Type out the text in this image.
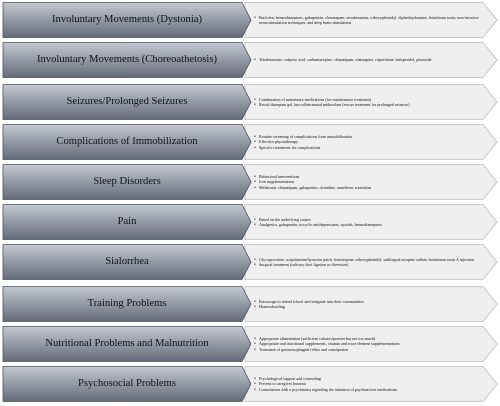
Involuntary Movements (Dystonia)	• Baclofen, benzodiazepines, gabapentin, clonazepam, tetrabenazine, trihexyphenidyl, diphenhydramine, botulinum toxin, non-invasive neurostimulation techniques, and deep brain stimulation
Involuntary Movements (Choreoathetosis)	• Tetrabenazine, valproic acid, carbamazepine, clonazepam, olanzapine, risperidone, haloperidol, pimozide
Seizures/Prolonged Seizures	• Combination of antiseizure medications (for maintenance treatment)
• Rectal diazepam gel, buccal/intranasal midazolam (rescue treatment for prolonged seizures)
Complications of Immobilization	• Routine screening of complications from immobilization
• Effective physiotherapy
• Specific treatments for complications
Sleep Disorders	• Behavioral interventions
• Iron supplementation
• Melatonin, clonazepam, gabapentin, clonidine, ramelteon, trazodone
Pain	• Based on the underlying causes
• Analgesics, gabapentin, tricyclic antidepressants, opioids, benzodiazepines
Sialorrhea	• Glycopyrrolate, scopolamine/hyoscine patch, benztropine, trihexyphenidyl, sublingual atropine sulfate, botulinum toxin A injection
• Surgical treatment (salivary duct ligation or diversion)
Training Problems	• Encourage to attend school and integrate into their communities
• Homeschooling
Nutritional Problems and Malnutrition	• Appropriate alimentation (sufficient calories/protein-but not too much)
• Appropriate oral nutritional supplements, vitamin and trace element supplementations
• Treatment of gastroesophageal reflux and constipation
Psychosocial Problems	• Psychological support and counseling
• Prevent to caregiver burnout
• Consultation with a psychiatrist regarding the initiation of psychoactive medications
